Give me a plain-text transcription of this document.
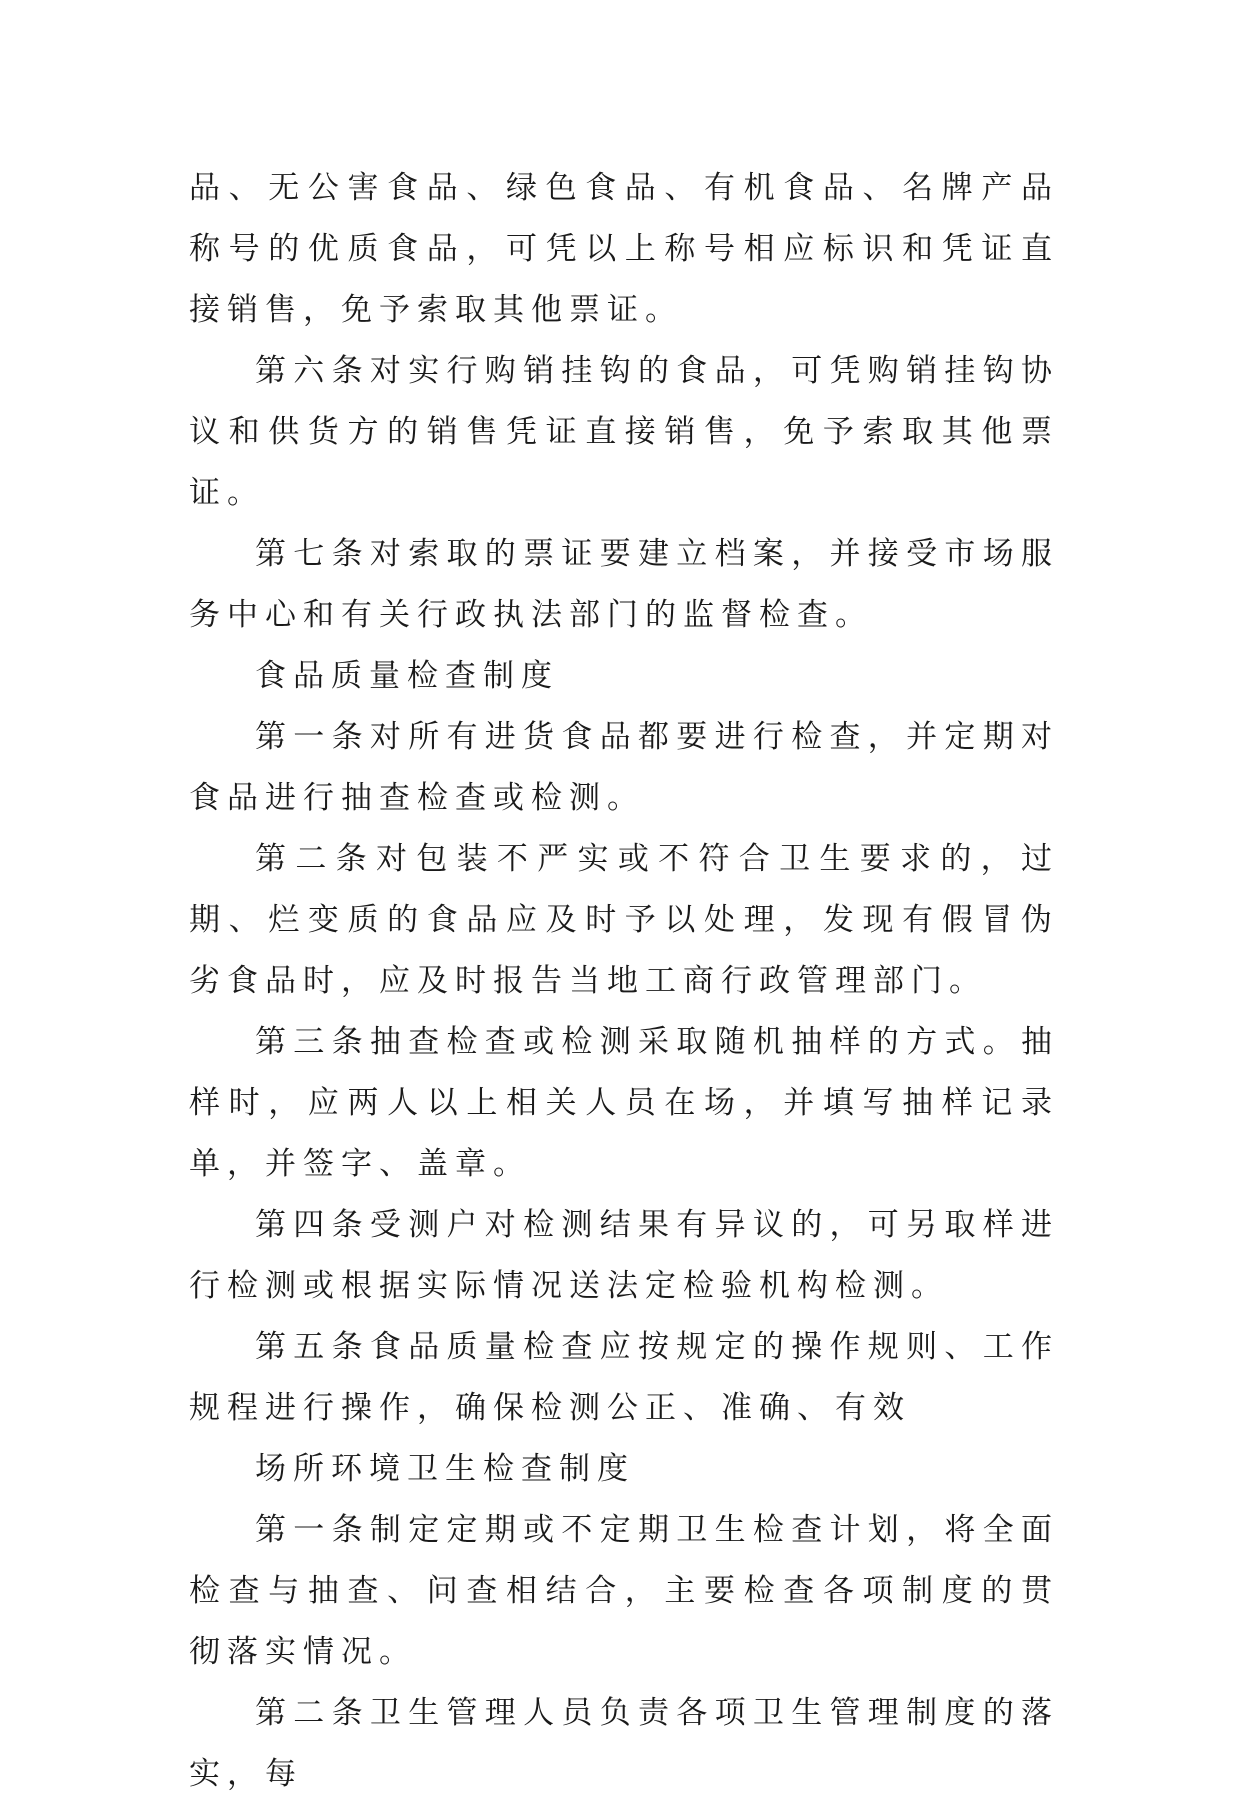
品、无公害食品、绿色食品、有机食品、名牌产品称号的优质食品，可凭以上称号相应标识和凭证直接销售，免予索取其他票证。

第六条对实行购销挂钩的食品，可凭购销挂钩协议和供货方的销售凭证直接销售，免予索取其他票证。

第七条对索取的票证要建立档案，并接受市场服务中心和有关行政执法部门的监督检查。

食品质量检查制度

第一条对所有进货食品都要进行检查，并定期对食品进行抽查检查或检测。

第二条对包装不严实或不符合卫生要求的，过期、烂变质的食品应及时予以处理，发现有假冒伪劣食品时，应及时报告当地工商行政管理部门。

第三条抽查检查或检测采取随机抽样的方式。抽样时，应两人以上相关人员在场，并填写抽样记录单，并签字、盖章。

第四条受测户对检测结果有异议的，可另取样进行检测或根据实际情况送法定检验机构检测。

第五条食品质量检查应按规定的操作规则、工作规程进行操作，确保检测公正、准确、有效

场所环境卫生检查制度

第一条制定定期或不定期卫生检查计划，将全面检查与抽查、问查相结合，主要检查各项制度的贯彻落实情况。

第二条卫生管理人员负责各项卫生管理制度的落实，每
